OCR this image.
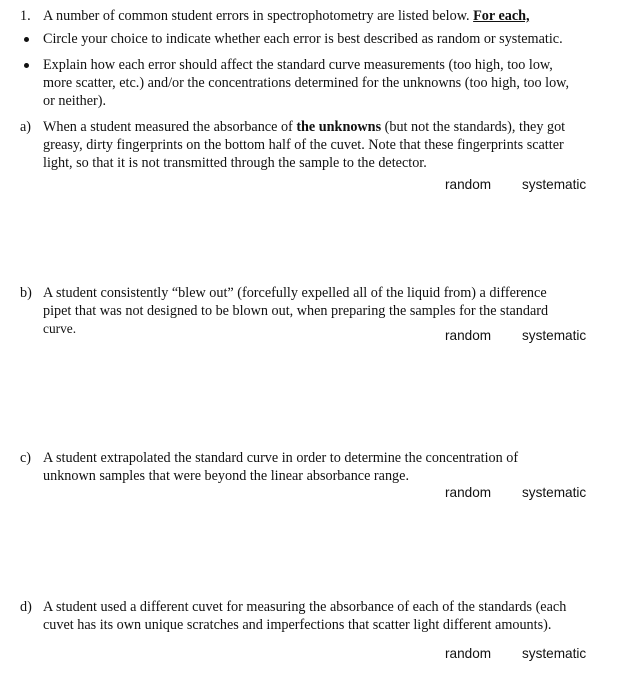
1. A number of common student errors in spectrophotometry are listed below. For each,
Circle your choice to indicate whether each error is best described as random or systematic.
Explain how each error should affect the standard curve measurements (too high, too low,
more scatter, etc.) and/or the concentrations determined for the unknowns (too high, too low,
or neither).
a) When a student measured the absorbance of the unknowns (but not the standards), they got
greasy, dirty fingerprints on the bottom half of the cuvet. Note that these fingerprints scatter
light, so that it is not transmitted through the sample to the detector.
random systematic
b) A student consistently “blew out” (forcefully expelled all of the liquid from) a difference
pipet that was not designed to be blown out, when preparing the samples for the standard
curve.	random systematic
c) A student extrapolated the standard curve in order to determine the concentration of
unknown samples that were beyond the linear absorbance range.
random systematic
d) A student used a different cuvet for measuring the absorbance of each of the standards (each
cuvet has its own unique scratches and imperfections that scatter light different amounts).
random systematic
